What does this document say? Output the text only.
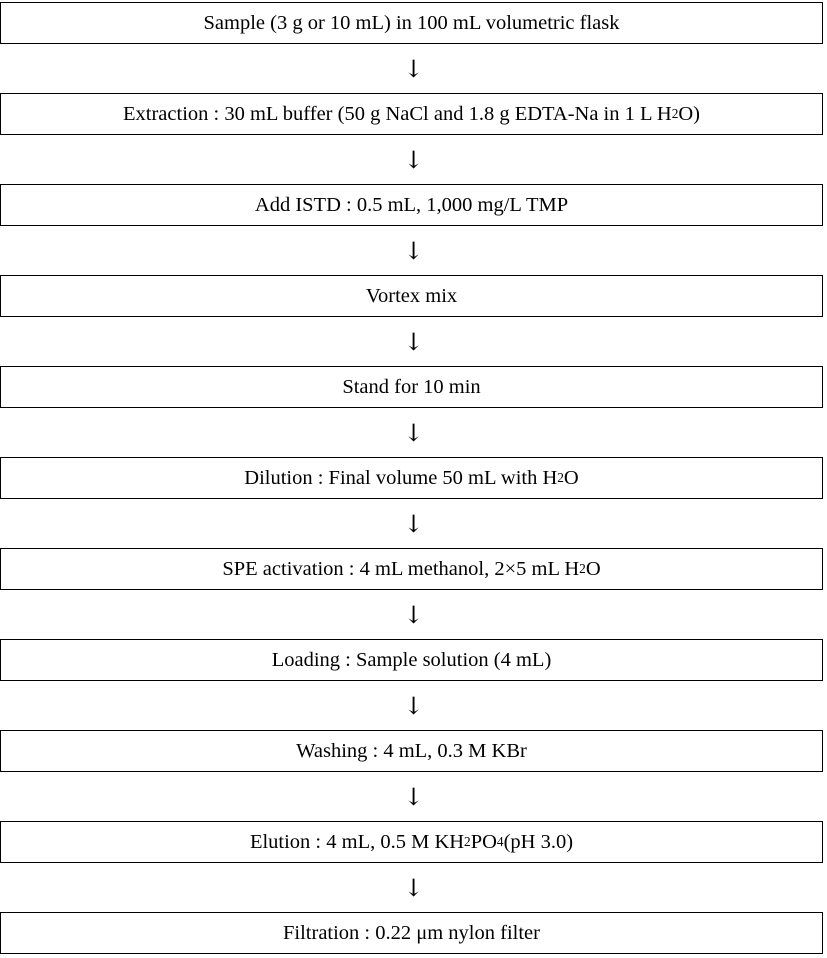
Sample (3 g or 10 mL) in 100 mL volumetric flask
↓
Extraction : 30 mL buffer (50 g NaCl and 1.8 g EDTA-Na in 1 L H 2 O)
↓
Add ISTD : 0.5 mL, 1,000 mg/L TMP
↓
Vortex mix
↓
Stand for 10 min
↓
Dilution : Final volume 50 mL with H 2 O
↓
SPE activation : 4 mL methanol, 2×5 mL H 2 O
↓
Loading : Sample solution (4 mL)
↓
Washing : 4 mL, 0.3 M KBr
↓
Elution : 4 mL, 0.5 M KH 2 PO 4 (pH 3.0)
↓
Filtration : 0.22 μm nylon filter
